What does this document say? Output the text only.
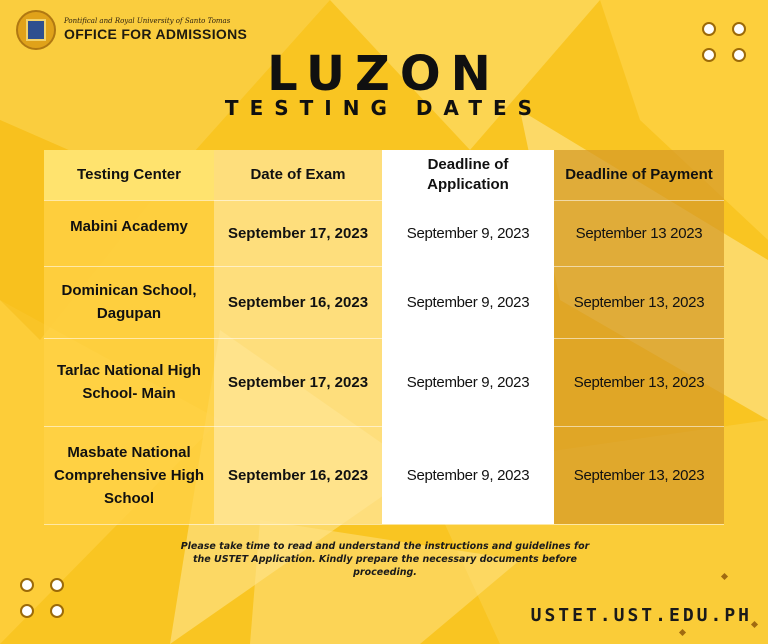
Pontifical and Royal University of Santo Tomas
OFFICE FOR ADMISSIONS
LUZON
TESTING DATES
Testing Center	Date of Exam	Deadline of Application	Deadline of Payment
Mabini Academy	September 17, 2023	September 9, 2023	September 13 2023
Dominican School, Dagupan	September 16, 2023	September 9, 2023	September 13, 2023
Tarlac National High School- Main	September 17, 2023	September 9, 2023	September 13, 2023
Masbate National Comprehensive High School	September 16, 2023	September 9, 2023	September 13, 2023
Please take time to read and understand the instructions and guidelines for the USTET Application. Kindly prepare the necessary documents before proceeding.
USTET.UST.EDU.PH
